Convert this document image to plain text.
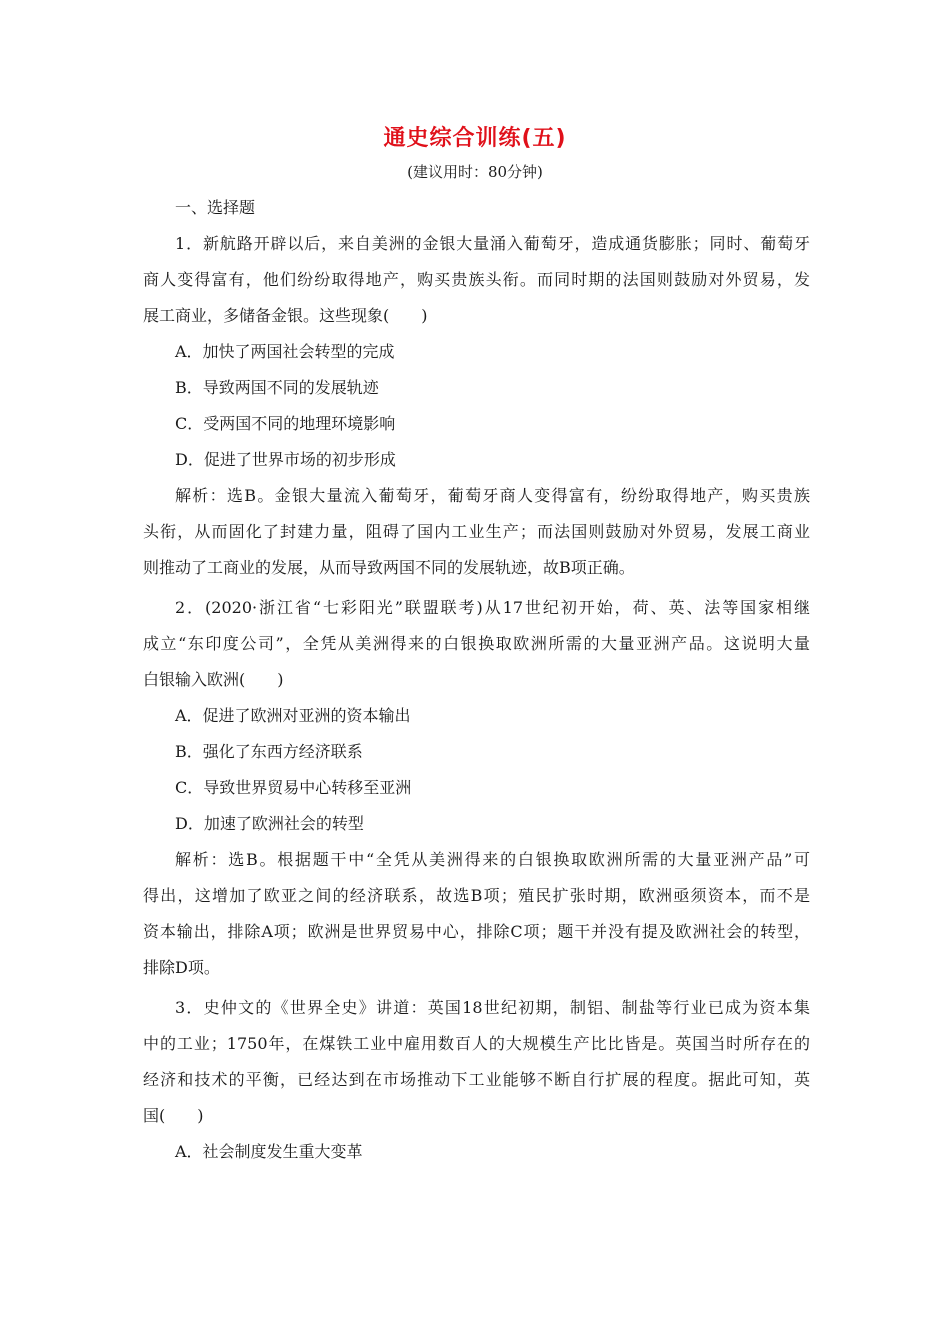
通史综合训练(五)
(建议用时：80分钟)
一、选择题
1．新航路开辟以后，来自美洲的金银大量涌入葡萄牙，造成通货膨胀；同时、葡萄牙
商人变得富有，他们纷纷取得地产，购买贵族头衔。而同时期的法国则鼓励对外贸易，发
展工商业，多储备金银。这些现象(　　)
A．加快了两国社会转型的完成
B．导致两国不同的发展轨迹
C．受两国不同的地理环境影响
D．促进了世界市场的初步形成
解析：选B。金银大量流入葡萄牙，葡萄牙商人变得富有，纷纷取得地产，购买贵族
头衔，从而固化了封建力量，阻碍了国内工业生产；而法国则鼓励对外贸易，发展工商业
则推动了工商业的发展，从而导致两国不同的发展轨迹，故B项正确。
2．(2020·浙江省“七彩阳光”联盟联考)从17世纪初开始，荷、英、法等国家相继
成立“东印度公司”，全凭从美洲得来的白银换取欧洲所需的大量亚洲产品。这说明大量
白银输入欧洲(　　)
A．促进了欧洲对亚洲的资本输出
B．强化了东西方经济联系
C．导致世界贸易中心转移至亚洲
D．加速了欧洲社会的转型
解析：选B。根据题干中“全凭从美洲得来的白银换取欧洲所需的大量亚洲产品”可
得出，这增加了欧亚之间的经济联系，故选B项；殖民扩张时期，欧洲亟须资本，而不是
资本输出，排除A项；欧洲是世界贸易中心，排除C项；题干并没有提及欧洲社会的转型，
排除D项。
3．史仲文的《世界全史》讲道：英国18世纪初期，制铝、制盐等行业已成为资本集
中的工业；1750年，在煤铁工业中雇用数百人的大规模生产比比皆是。英国当时所存在的
经济和技术的平衡，已经达到在市场推动下工业能够不断自行扩展的程度。据此可知，英
国(　　)
A．社会制度发生重大变革
